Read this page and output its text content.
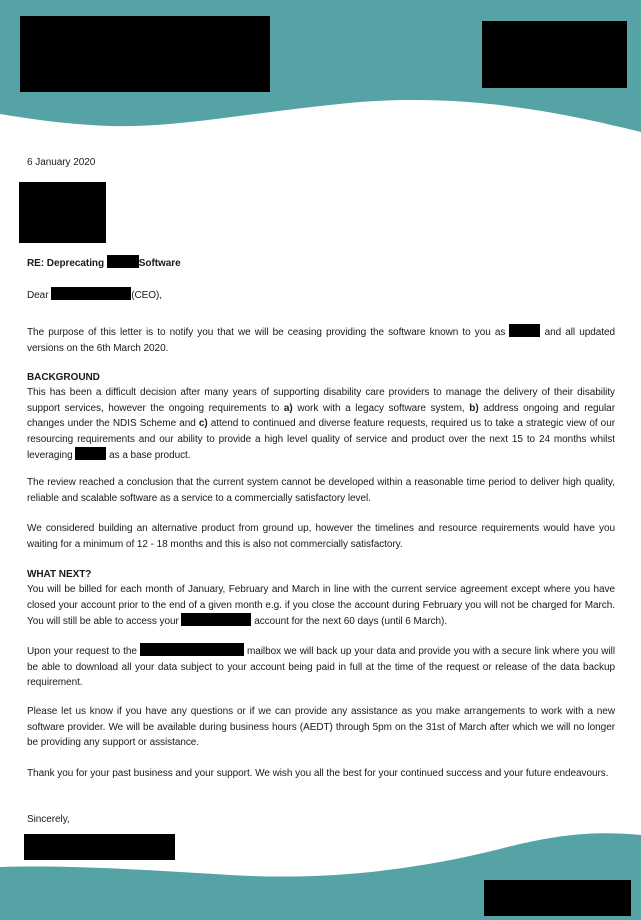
6 January 2020

RE: Deprecating	Software

Dear	(CEO),

The purpose of this letter is to notify you that we will be ceasing providing the software known to you as	and all updated versions on the 6th March 2020.

BACKGROUND

This has been a difficult decision after many years of supporting disability care providers to manage the delivery of their disability support services, however the ongoing requirements to a) work with a legacy software system, b) address ongoing and regular changes under the NDIS Scheme and c) attend to continued and diverse feature requests, required us to take a strategic view of our resourcing requirements and our ability to provide a high level quality of service and product over the next 15 to 24 months whilst leveraging	as a base product.

The review reached a conclusion that the current system cannot be developed within a reasonable time period to deliver high quality, reliable and scalable software as a service to a commercially satisfactory level.

We considered building an alternative product from ground up, however the timelines and resource requirements would have you waiting for a minimum of 12 - 18 months and this is also not commercially satisfactory.

WHAT NEXT?

You will be billed for each month of January, February and March in line with the current service agreement except where you have closed your account prior to the end of a given month e.g. if you close the account during February you will not be charged for March. You will still be able to access your	account for the next 60 days (until 6 March).

Upon your request to the	mailbox we will back up your data and provide you with a secure link where you will be able to download all your data subject to your account being paid in full at the time of the request or release of the data backup requirement.

Please let us know if you have any questions or if we can provide any assistance as you make arrangements to work with a new software provider. We will be available during business hours (AEDT) through 5pm on the 31st of March after which we will no longer be providing any support or assistance.

Thank you for your past business and your support. We wish you all the best for your continued success and your future endeavours.

Sincerely,
